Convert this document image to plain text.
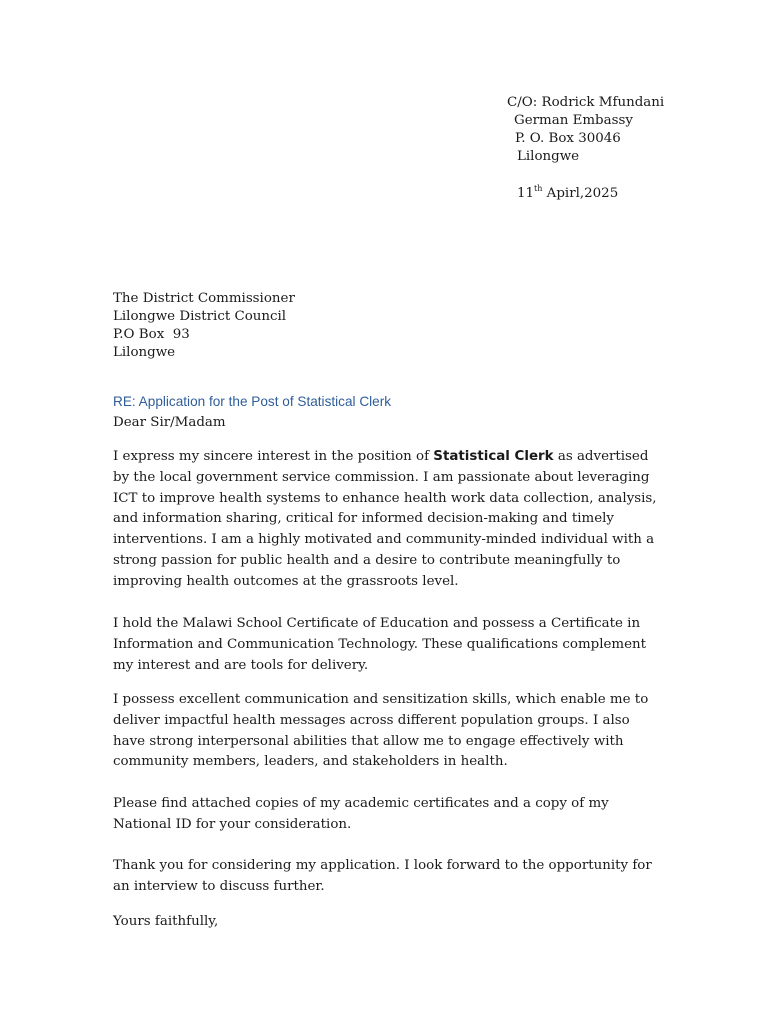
C/O: Rodrick Mfundani
German Embassy
P. O. Box 30046
Lilongwe
11th Apirl,2025
The District Commissioner
Lilongwe District Council
P.O Box  93
Lilongwe
RE: Application for the Post of Statistical Clerk
Dear Sir/Madam

I express my sincere interest in the position of Statistical Clerk as advertised by the local government service commission. I am passionate about leveraging ICT to improve health systems to enhance health work data collection, analysis, and information sharing, critical for informed decision-making and timely interventions. I am a highly motivated and community-minded individual with a strong passion for public health and a desire to contribute meaningfully to improving health outcomes at the grassroots level.

I hold the Malawi School Certificate of Education and possess a Certificate in Information and Communication Technology. These qualifications complement my interest and are tools for delivery.

I possess excellent communication and sensitization skills, which enable me to deliver impactful health messages across different population groups. I also have strong interpersonal abilities that allow me to engage effectively with community members, leaders, and stakeholders in health.

Please find attached copies of my academic certificates and a copy of my National ID for your consideration.

Thank you for considering my application. I look forward to the opportunity for an interview to discuss further.

Yours faithfully,
